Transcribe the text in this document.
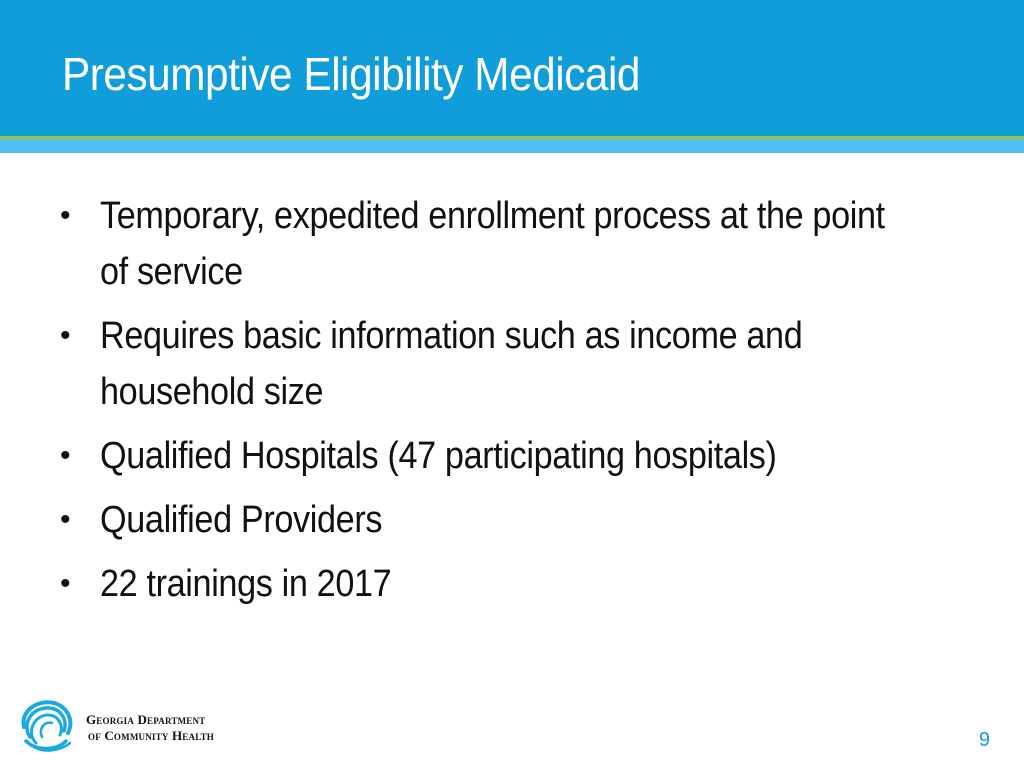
Presumptive Eligibility Medicaid
• Temporary, expedited enrollment process at the point of service
• Requires basic information such as income and household size
• Qualified Hospitals (47 participating hospitals)
• Qualified Providers
• 22 trainings in 2017
Georgia Department
of Community Health	9
